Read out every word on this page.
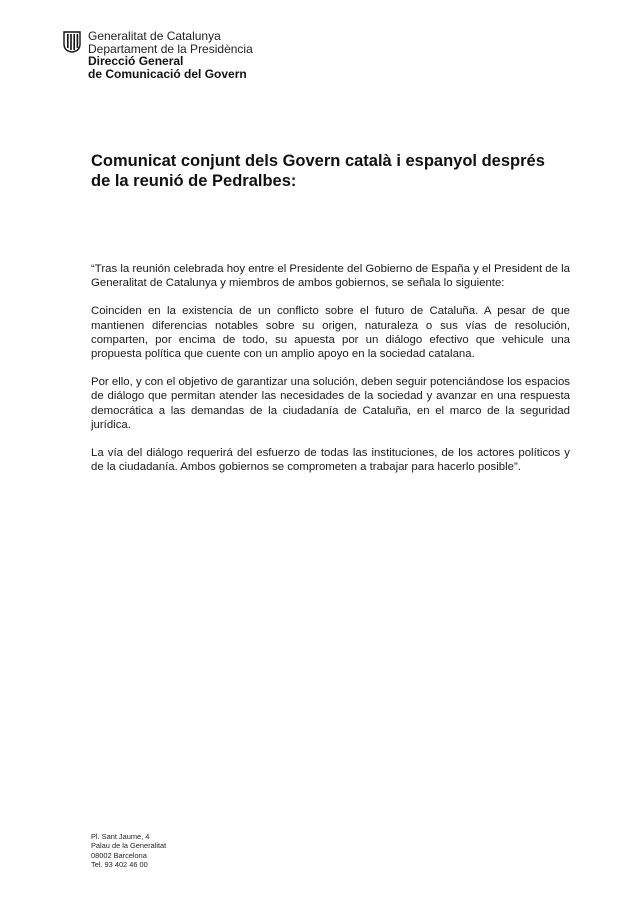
Generalitat de Catalunya
Departament de la Presidència
Direcció General
de Comunicació del Govern
Comunicat conjunt dels Govern català i espanyol després
de la reunió de Pedralbes:

“Tras la reunión celebrada hoy entre el Presidente del Gobierno de España y el President de la Generalitat de Catalunya y miembros de ambos gobiernos, se señala lo siguiente:

Coinciden en la existencia de un conflicto sobre el futuro de Cataluña. A pesar de que mantienen diferencias notables sobre su origen, naturaleza o sus vías de resolución, comparten, por encima de todo, su apuesta por un diálogo efectivo que vehicule una propuesta política que cuente con un amplio apoyo en la sociedad catalana.

Por ello, y con el objetivo de garantizar una solución, deben seguir potenciándose los espacios de diálogo que permitan atender las necesidades de la sociedad y avanzar en una respuesta democrática a las demandas de la ciudadanía de Cataluña, en el marco de la seguridad jurídica.

La vía del diálogo requerirá del esfuerzo de todas las instituciones, de los actores políticos y de la ciudadanía. Ambos gobiernos se comprometen a trabajar para hacerlo posible”.

Pl. Sant Jaume, 4
Palau de la Generalitat
08002 Barcelona
Tel. 93 402 46 00
